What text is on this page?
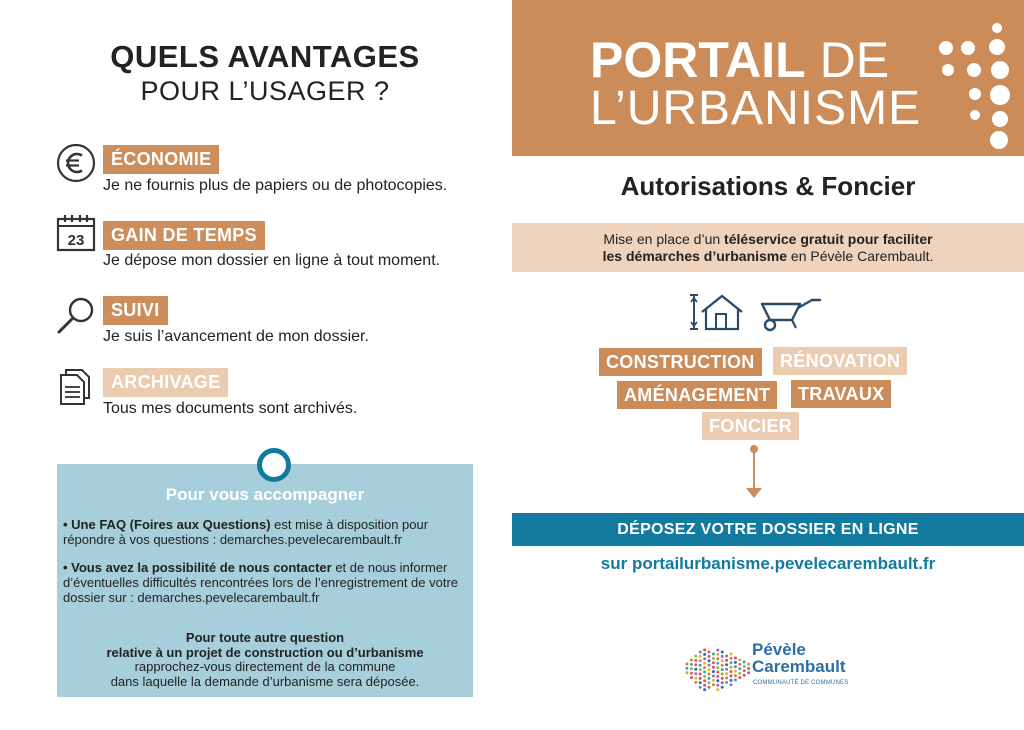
QUELS AVANTAGES
POUR L’USAGER ?
ÉCONOMIE
Je ne fournis plus de papiers ou de photocopies.
23	GAIN DE TEMPS
Je dépose mon dossier en ligne à tout moment.
SUIVI
Je suis l’avancement de mon dossier.
ARCHIVAGE
Tous mes documents sont archivés.
Pour vous accompagner
• Une FAQ (Foires aux Questions) est mise à disposition pour répondre à vos questions : demarches.pevelecarembault.fr
• Vous avez la possibilité de nous contacter et de nous informer d’éventuelles difficultés rencontrées lors de l’enregistrement de votre dossier sur : demarches.pevelecarembault.fr
Pour toute autre question
relative à un projet de construction ou d’urbanisme
rapprochez-vous directement de la commune
dans laquelle la demande d’urbanisme sera déposée.
PORTAIL DE
L’URBANISME
Autorisations & Foncier
Mise en place d’un téléservice gratuit pour faciliter
les démarches d’urbanisme en Pévèle Carembault.
CONSTRUCTION	RÉNOVATION
AMÉNAGEMENT	TRAVAUX
FONCIER
DÉPOSEZ VOTRE DOSSIER EN LIGNE
sur portailurbanisme.pevelecarembault.fr
Pévèle
Carembault
COMMUNAUTÉ DE COMMUNES
